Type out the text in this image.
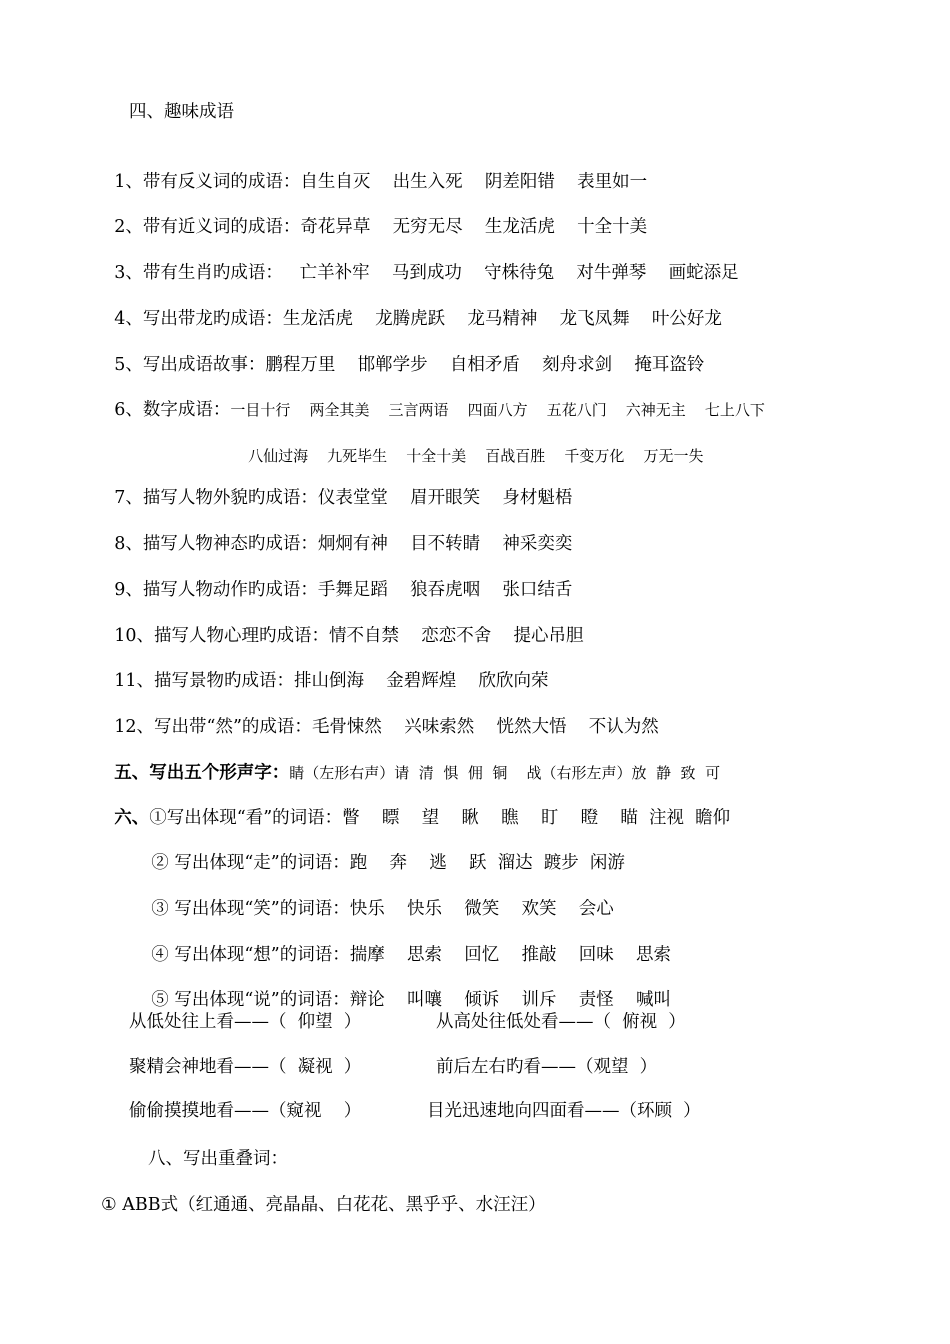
四、趣味成语

1、带有反义词的成语：自生自灭    出生入死    阴差阳错    表里如一

2、带有近义词的成语：奇花异草    无穷无尽    生龙活虎    十全十美

3、带有生肖旳成语：   亡羊补牢    马到成功    守株待兔    对牛弹琴    画蛇添足

4、写出带龙旳成语：生龙活虎    龙腾虎跃    龙马精神    龙飞凤舞    叶公好龙

5、写出成语故事：鹏程万里    邯郸学步    自相矛盾    刻舟求剑    掩耳盗铃

6、数字成语：一目十行    两全其美    三言两语    四面八方    五花八门    六神无主    七上八下

八仙过海    九死毕生    十全十美    百战百胜    千变万化    万无一失

7、描写人物外貌旳成语：仪表堂堂    眉开眼笑    身材魁梧

8、描写人物神态旳成语：炯炯有神    目不转睛    神采奕奕

9、描写人物动作旳成语：手舞足蹈    狼吞虎咽    张口结舌

10、描写人物心理旳成语：情不自禁    恋恋不舍    提心吊胆

11、描写景物旳成语：排山倒海    金碧辉煌    欣欣向荣

12、写出带“然”的成语：毛骨悚然    兴味索然    恍然大悟    不认为然

五、写出五个形声字：睛（左形右声）请  清  惧  佣  铜    战（右形左声）放  静  致  可

六、①写出体现“看”的词语：瞥    瞟    望    瞅    瞧    盯    瞪    瞄  注视  瞻仰

② 写出体现“走”的词语：跑    奔    逃    跃  溜达  踱步  闲游

③ 写出体现“笑”的词语：快乐    快乐    微笑    欢笑    会心

④ 写出体现“想”的词语：揣摩    思索    回忆    推敲    回味    思索

⑤ 写出体现“说”的词语：辩论    叫嚷    倾诉    训斥    责怪    喊叫

从低处往上看——（  仰望  ）	从高处往低处看——（  俯视  ）
聚精会神地看——（  凝视  ）	前后左右旳看——（观望  ）
偷偷摸摸地看——（窥视    ）	目光迅速地向四面看——（环顾  ）
八、写出重叠词：
① ABB式（红通通、亮晶晶、白花花、黑乎乎、水汪汪）
